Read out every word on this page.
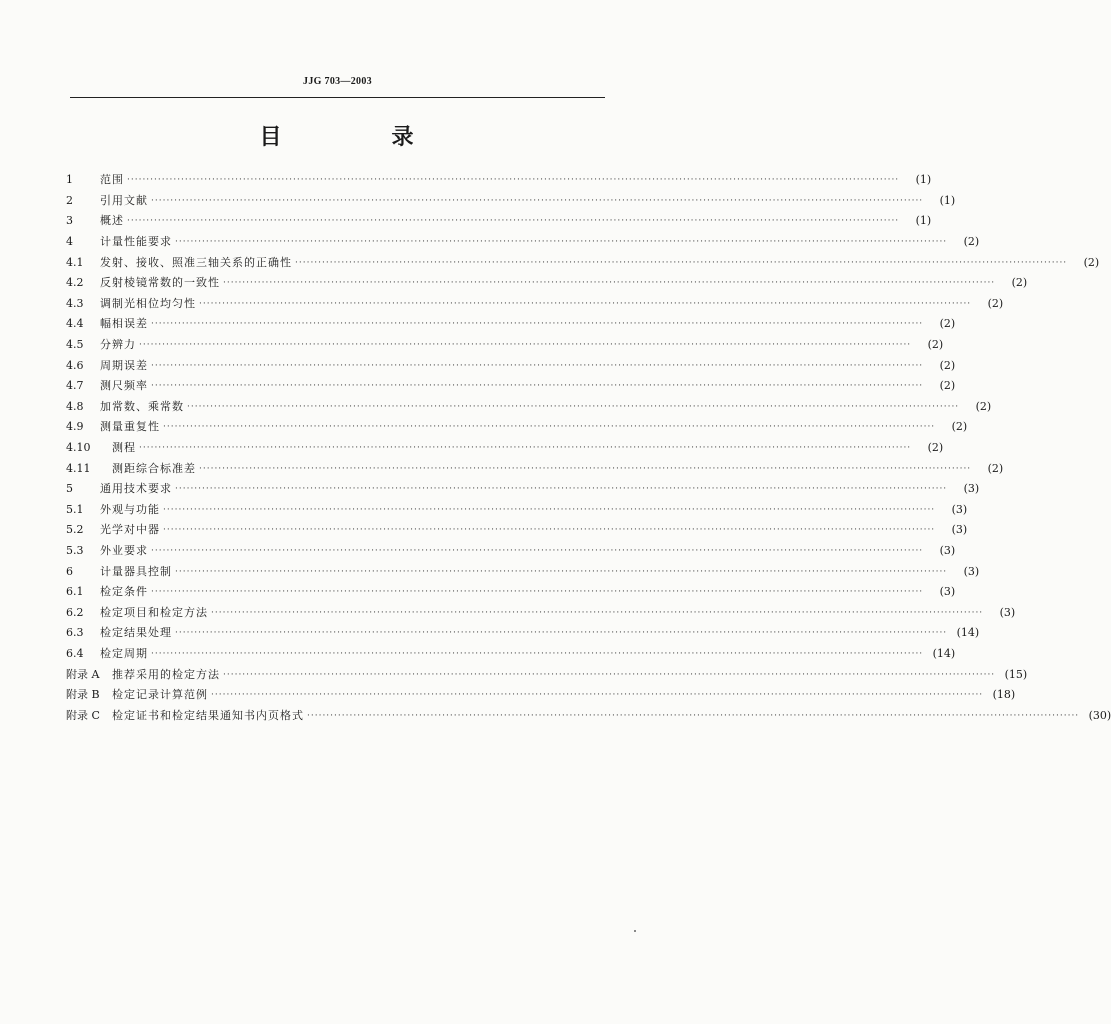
JJG 703—2003
目　录
1	范围 ········································································································································································································	(1)
2	引用文献 ········································································································································································································	(1)
3	概述 ········································································································································································································	(1)
4	计量性能要求 ········································································································································································································	(2)
4.1	发射、接收、照准三轴关系的正确性 ········································································································································································································	(2)
4.2	反射棱镜常数的一致性 ········································································································································································································	(2)
4.3	调制光相位均匀性 ········································································································································································································	(2)
4.4	幅相误差 ········································································································································································································	(2)
4.5	分辨力 ········································································································································································································	(2)
4.6	周期误差 ········································································································································································································	(2)
4.7	测尺频率 ········································································································································································································	(2)
4.8	加常数、乘常数 ········································································································································································································	(2)
4.9	测量重复性 ········································································································································································································	(2)
4.10	测程 ········································································································································································································	(2)
4.11	测距综合标准差 ········································································································································································································	(2)
5	通用技术要求 ········································································································································································································	(3)
5.1	外观与功能 ········································································································································································································	(3)
5.2	光学对中器 ········································································································································································································	(3)
5.3	外业要求 ········································································································································································································	(3)
6	计量器具控制 ········································································································································································································	(3)
6.1	检定条件 ········································································································································································································	(3)
6.2	检定项目和检定方法 ········································································································································································································	(3)
6.3	检定结果处理 ········································································································································································································ (14)
6.4	检定周期 ········································································································································································································ (14)
附录 A	推荐采用的检定方法 ········································································································································································································ (15)
附录 B	检定记录计算范例 ········································································································································································································ (18)
附录 C	检定证书和检定结果通知书内页格式 ········································································································································································································ (30)
